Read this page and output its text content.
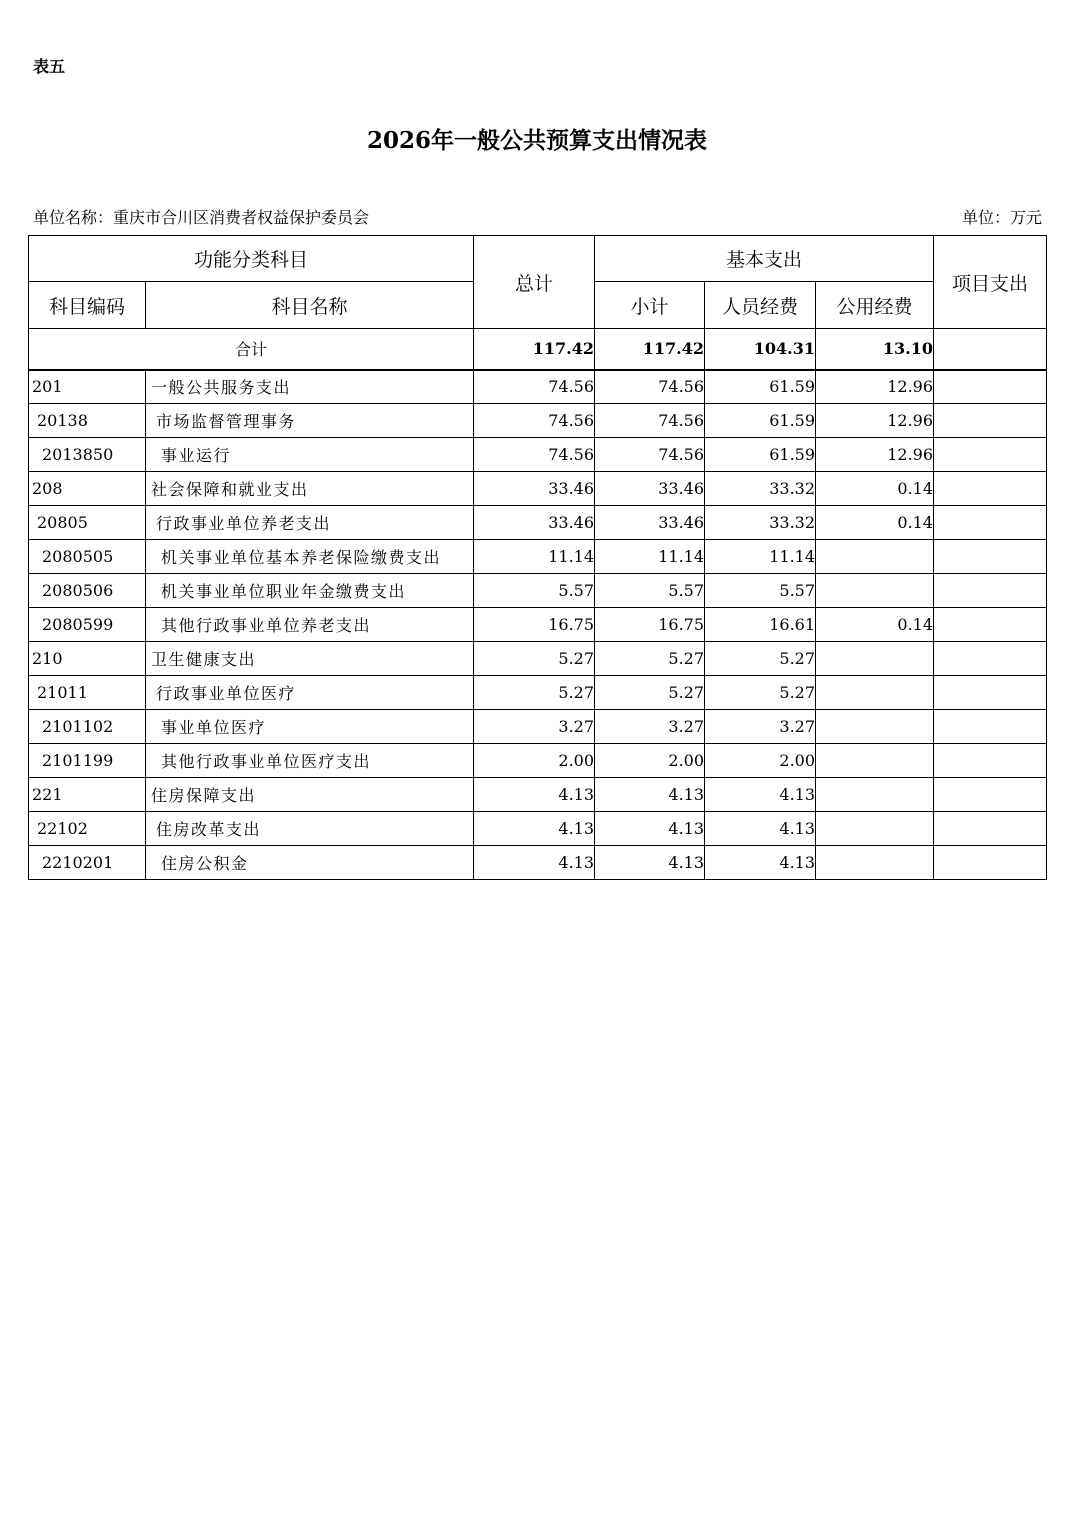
表五
2026年一般公共预算支出情况表
单位名称：重庆市合川区消费者权益保护委员会	单位：万元
功能分类科目		总计	基本支出			项目支出
科目编码	科目名称		小计	人员经费	公用经费	
合计		117.42	117.42	104.31	13.10	
201	一般公共服务支出	74.56	74.56	61.59	12.96	
20138	市场监督管理事务	74.56	74.56	61.59	12.96	
2013850	事业运行	74.56	74.56	61.59	12.96	
208	社会保障和就业支出	33.46	33.46	33.32	0.14	
20805	行政事业单位养老支出	33.46	33.46	33.32	0.14	
2080505	机关事业单位基本养老保险缴费支出	11.14	11.14	11.14		
2080506	机关事业单位职业年金缴费支出	5.57	5.57	5.57		
2080599	其他行政事业单位养老支出	16.75	16.75	16.61	0.14	
210	卫生健康支出	5.27	5.27	5.27		
21011	行政事业单位医疗	5.27	5.27	5.27		
2101102	事业单位医疗	3.27	3.27	3.27		
2101199	其他行政事业单位医疗支出	2.00	2.00	2.00		
221	住房保障支出	4.13	4.13	4.13		
22102	住房改革支出	4.13	4.13	4.13		
2210201	住房公积金	4.13	4.13	4.13		
